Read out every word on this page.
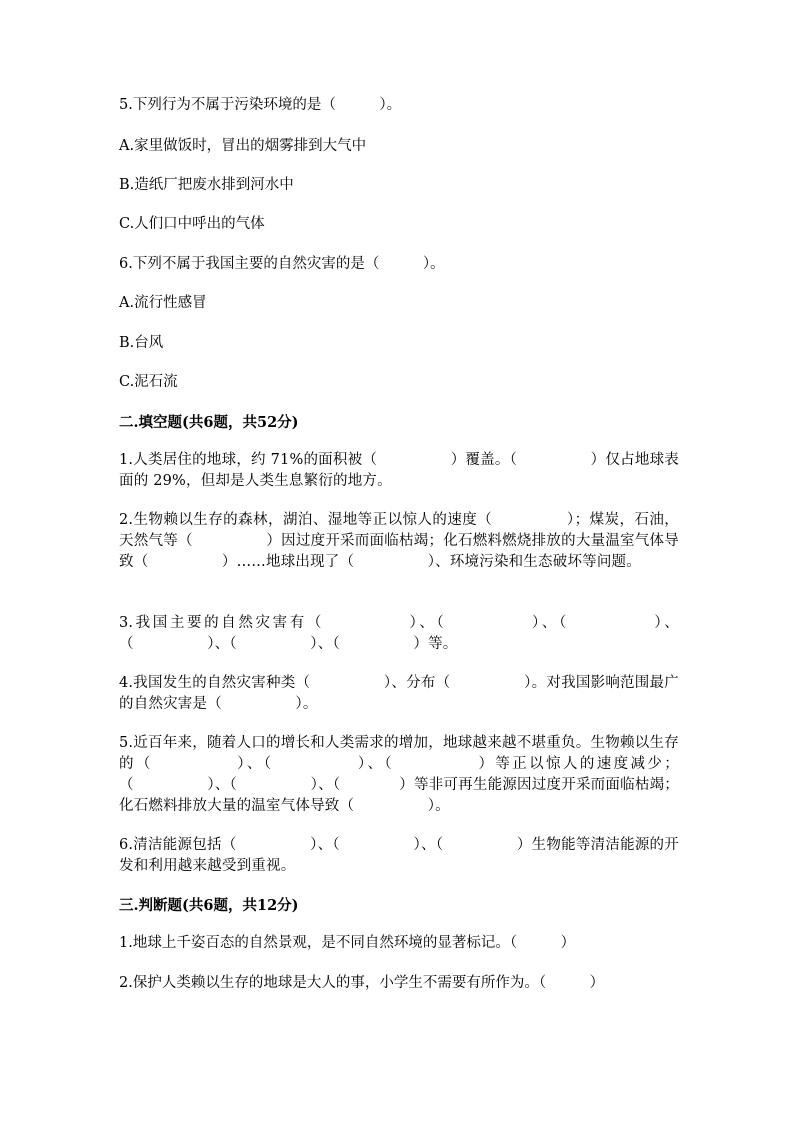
5.下列行为不属于污染环境的是（　　　）。
A.家里做饭时，冒出的烟雾排到大气中
B.造纸厂把废水排到河水中
C.人们口中呼出的气体
6.下列不属于我国主要的自然灾害的是（　　　）。
A.流行性感冒
B.台风
C.泥石流
二.填空题(共6题，共52分)
1.人类居住的地球，约 71%的面积被（　　　　　）覆盖。（　　　　　）仅占地球表面的 29%，但却是人类生息繁衍的地方。
2.生物赖以生存的森林，湖泊、湿地等正以惊人的速度（　　　　　）；煤炭，石油，天然气等（　　　　　）因过度开采而面临枯竭；化石燃料燃烧排放的大量温室气体导致（　　　　　）……地球出现了（　　　　　）、环境污染和生态破坏等问题。
3.我国主要的自然灾害有（　　　　　）、（　　　　　）、（　　　　　）、（　　　　　）、（　　　　　）、（　　　　　）等。
4.我国发生的自然灾害种类（　　　　　）、分布（　　　　　）。对我国影响范围最广的自然灾害是（　　　　　）。
5.近百年来，随着人口的增长和人类需求的增加，地球越来越不堪重负。生物赖以生存的（　　　　　）、（　　　　　）、（　　　　　）等正以惊人的速度减少；（　　　　　）、（　　　　　）、（　　　　）等非可再生能源因过度开采而面临枯竭；化石燃料排放大量的温室气体导致（　　　　　）。
6.清洁能源包括（　　　　　）、（　　　　　）、（　　　　　）生物能等清洁能源的开发和利用越来越受到重视。
三.判断题(共6题，共12分)
1.地球上千姿百态的自然景观，是不同自然环境的显著标记。（　　　）
2.保护人类赖以生存的地球是大人的事，小学生不需要有所作为。（　　　）
